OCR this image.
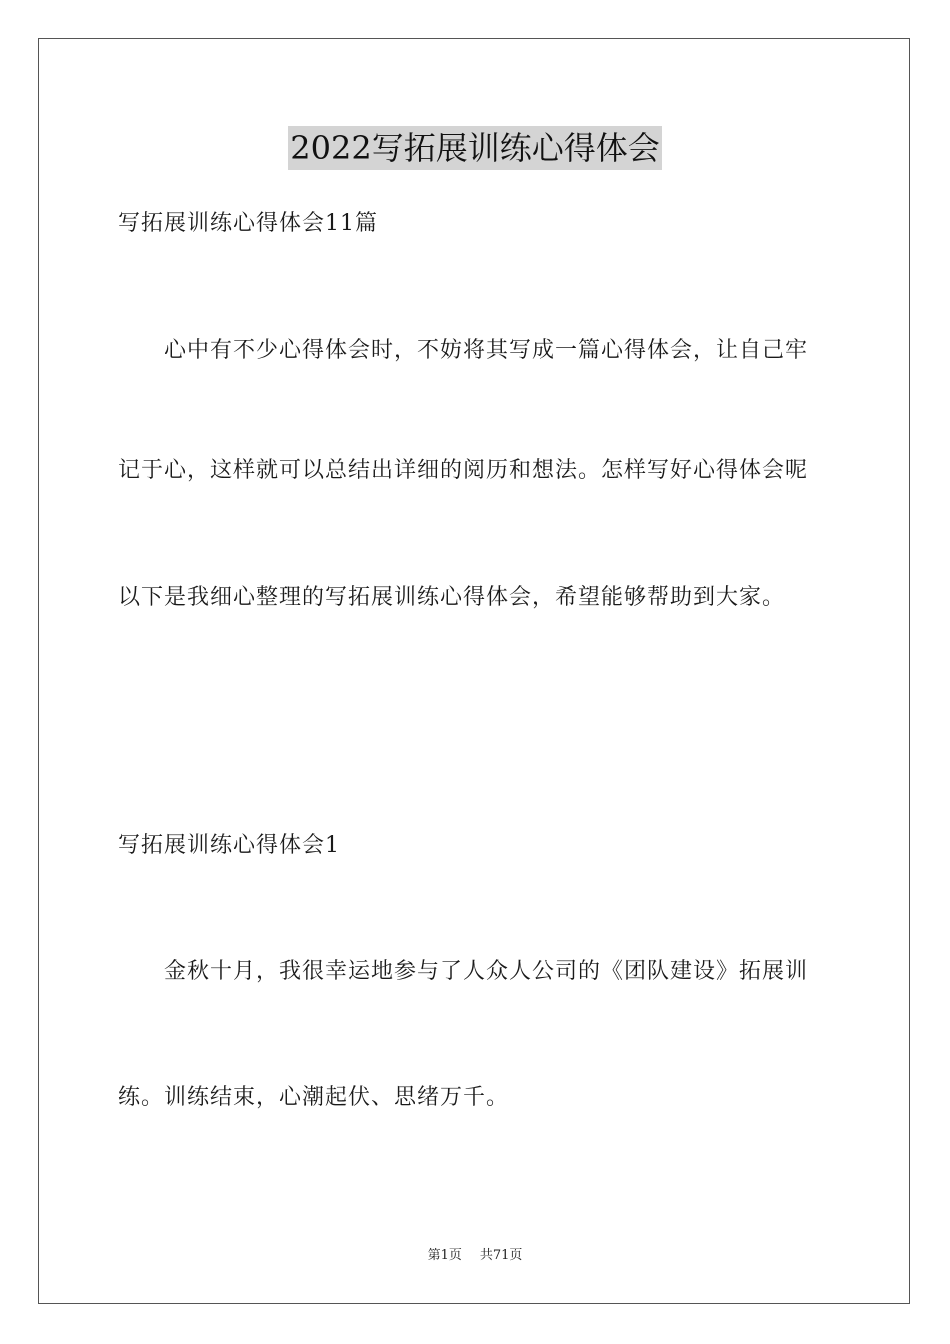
2022写拓展训练心得体会
写拓展训练心得体会11篇
心中有不少心得体会时，不妨将其写成一篇心得体会，让自己牢
记于心，这样就可以总结出详细的阅历和想法。怎样写好心得体会呢
以下是我细心整理的写拓展训练心得体会，希望能够帮助到大家。
写拓展训练心得体会1
金秋十月，我很幸运地参与了人众人公司的《团队建设》拓展训
练。训练结束，心潮起伏、思绪万千。
第1页 共71页
